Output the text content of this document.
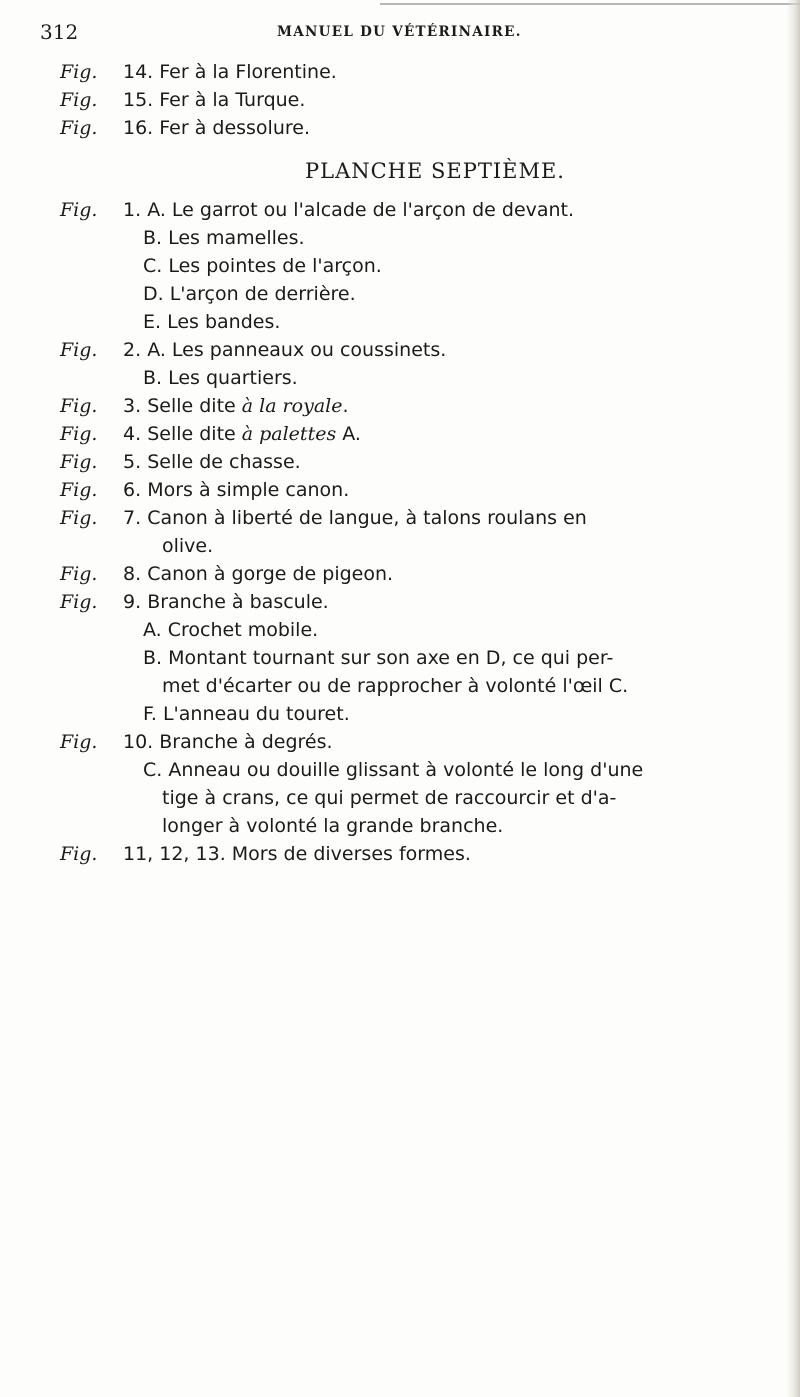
312	MANUEL DU VÉTÉRINAIRE.
Fig. 14. Fer à la Florentine.
Fig. 15. Fer à la Turque.
Fig. 16. Fer à dessolure.
PLANCHE SEPTIÈME.
Fig. 1. A. Le garrot ou l'alcade de l'arçon de devant.
B. Les mamelles.
C. Les pointes de l'arçon.
D. L'arçon de derrière.
E. Les bandes.
Fig. 2. A. Les panneaux ou coussinets.
B. Les quartiers.
Fig. 3. Selle dite à la royale.
Fig. 4. Selle dite à palettes A.
Fig. 5. Selle de chasse.
Fig. 6. Mors à simple canon.
Fig. 7. Canon à liberté de langue, à talons roulans en
olive.
Fig. 8. Canon à gorge de pigeon.
Fig. 9. Branche à bascule.
A. Crochet mobile.
B. Montant tournant sur son axe en D, ce qui per-
met d'écarter ou de rapprocher à volonté l'œil C.
F. L'anneau du touret.
Fig. 10. Branche à degrés.
C. Anneau ou douille glissant à volonté le long d'une
tige à crans, ce qui permet de raccourcir et d'a-
longer à volonté la grande branche.
Fig. 11, 12, 13. Mors de diverses formes.
